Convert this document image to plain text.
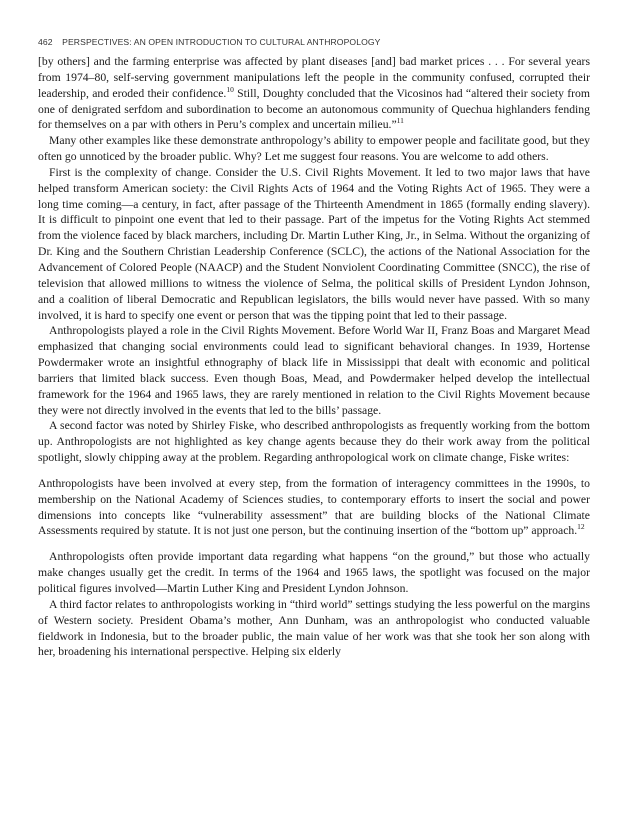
462 PERSPECTIVES: AN OPEN INTRODUCTION TO CULTURAL ANTHROPOLOGY

[by others] and the farming enterprise was affected by plant diseases [and] bad market prices . . . For several years from 1974–80, self-serving government manipulations left the people in the community confused, corrupted their leadership, and eroded their confidence.$^{10}$ Still, Doughty concluded that the Vicosinos had “altered their society from one of denigrated serfdom and subordination to become an autonomous community of Quechua highlanders fending for themselves on a par with others in Peru’s complex and uncertain milieu.”$^{11}$

Many other examples like these demonstrate anthropology’s ability to empower people and facilitate good, but they often go unnoticed by the broader public. Why? Let me suggest four reasons. You are welcome to add others.

First is the complexity of change. Consider the U.S. Civil Rights Movement. It led to two major laws that have helped transform American society: the Civil Rights Acts of 1964 and the Voting Rights Act of 1965. They were a long time coming—a century, in fact, after passage of the Thirteenth Amendment in 1865 (formally ending slavery). It is difficult to pinpoint one event that led to their passage. Part of the impetus for the Voting Rights Act stemmed from the violence faced by black marchers, including Dr. Martin Luther King, Jr., in Selma. Without the organizing of Dr. King and the Southern Christian Leadership Conference (SCLC), the actions of the National Association for the Advancement of Colored People (NAACP) and the Student Nonviolent Coordinating Committee (SNCC), the rise of television that allowed millions to witness the violence of Selma, the political skills of President Lyndon Johnson, and a coalition of liberal Democratic and Republican legislators, the bills would never have passed. With so many involved, it is hard to specify one event or person that was the tipping point that led to their passage.

Anthropologists played a role in the Civil Rights Movement. Before World War II, Franz Boas and Margaret Mead emphasized that changing social environments could lead to significant behavioral changes. In 1939, Hortense Powdermaker wrote an insightful ethnography of black life in Mississippi that dealt with economic and political barriers that limited black success. Even though Boas, Mead, and Powdermaker helped develop the intellectual framework for the 1964 and 1965 laws, they are rarely mentioned in relation to the Civil Rights Movement because they were not directly involved in the events that led to the bills’ passage.

A second factor was noted by Shirley Fiske, who described anthropologists as frequently working from the bottom up. Anthropologists are not highlighted as key change agents because they do their work away from the political spotlight, slowly chipping away at the problem. Regarding anthropological work on climate change, Fiske writes:

Anthropologists have been involved at every step, from the formation of interagency committees in the 1990s, to membership on the National Academy of Sciences studies, to contemporary efforts to insert the social and power dimensions into concepts like “vulnerability assessment” that are building blocks of the National Climate Assessments required by statute. It is not just one person, but the continuing insertion of the “bottom up” approach.$^{12}$

Anthropologists often provide important data regarding what happens “on the ground,” but those who actually make changes usually get the credit. In terms of the 1964 and 1965 laws, the spotlight was focused on the major political figures involved—Martin Luther King and President Lyndon Johnson.

A third factor relates to anthropologists working in “third world” settings studying the less powerful on the margins of Western society. President Obama’s mother, Ann Dunham, was an anthropologist who conducted valuable fieldwork in Indonesia, but to the broader public, the main value of her work was that she took her son along with her, broadening his international perspective. Helping six elderly
